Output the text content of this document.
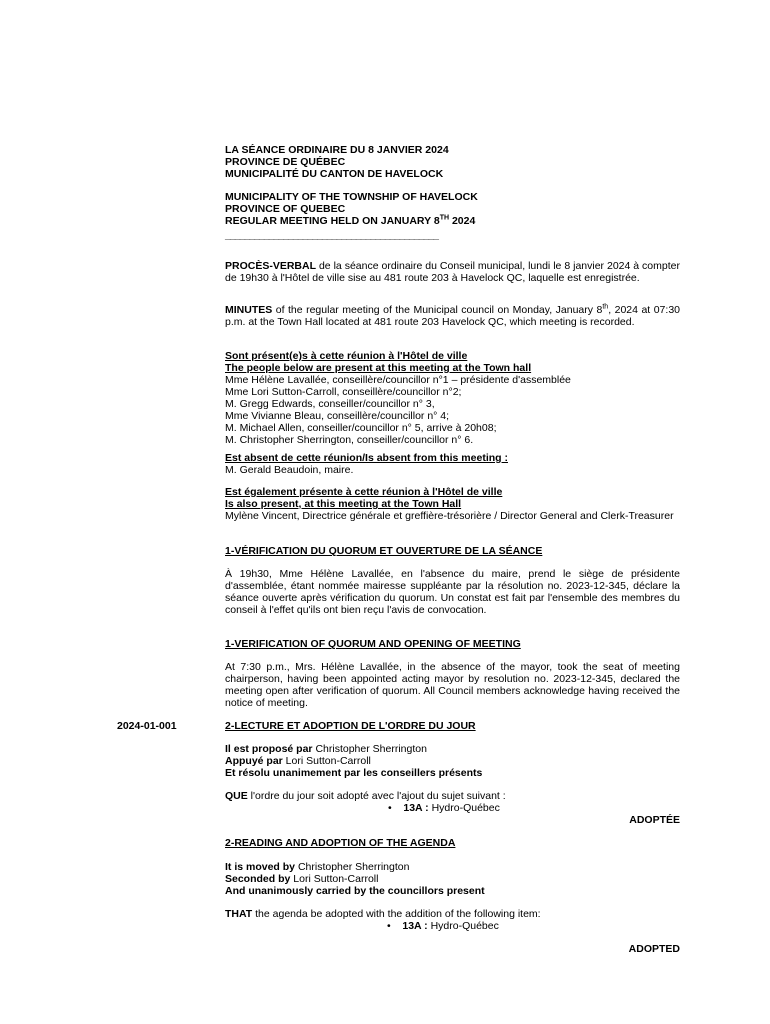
LA SÉANCE ORDINAIRE DU 8 JANVIER 2024
PROVINCE DE QUÉBEC
MUNICIPALITÉ DU CANTON DE HAVELOCK
MUNICIPALITY OF THE TOWNSHIP OF HAVELOCK
PROVINCE OF QUEBEC
REGULAR MEETING HELD ON JANUARY 8TH 2024
____________________________________________

PROCÈS-VERBAL de la séance ordinaire du Conseil municipal, lundi le 8 janvier 2024 à compter de 19h30 à l'Hôtel de ville sise au 481 route 203 à Havelock QC, laquelle est enregistrée.

MINUTES of the regular meeting of the Municipal council on Monday, January 8th, 2024 at 07:30 p.m. at the Town Hall located at 481 route 203 Havelock QC, which meeting is recorded.

Sont présent(e)s à cette réunion à l'Hôtel de ville
The people below are present at this meeting at the Town hall
Mme Hélène Lavallée, conseillère/councillor n°1 – présidente d'assemblée
Mme Lori Sutton-Carroll, conseillère/councillor n°2;
M. Gregg Edwards, conseiller/councillor n° 3,
Mme Vivianne Bleau, conseillère/councillor n° 4;
M. Michael Allen, conseiller/councillor n° 5, arrive à 20h08;
M. Christopher Sherrington, conseiller/councillor n° 6.
Est absent de cette réunion/Is absent from this meeting :
M. Gerald Beaudoin, maire.
Est également présente à cette réunion à l'Hôtel de ville
Is also present, at this meeting at the Town Hall
Mylène Vincent, Directrice générale et greffière-trésorière / Director General and Clerk-Treasurer
1-VÉRIFICATION DU QUORUM ET OUVERTURE DE LA SÉANCE

À 19h30, Mme Hélène Lavallée, en l'absence du maire, prend le siège de présidente d'assemblée, étant nommée mairesse suppléante par la résolution no. 2023-12-345, déclare la séance ouverte après vérification du quorum. Un constat est fait par l'ensemble des membres du conseil à l'effet qu'ils ont bien reçu l'avis de convocation.

1-VERIFICATION OF QUORUM AND OPENING OF MEETING

At 7:30 p.m., Mrs. Hélène Lavallée, in the absence of the mayor, took the seat of meeting chairperson, having been appointed acting mayor by resolution no. 2023-12-345, declared the meeting open after verification of quorum. All Council members acknowledge having received the notice of meeting.

2024-01-001	2-LECTURE ET ADOPTION DE L'ORDRE DU JOUR
Il est proposé par Christopher Sherrington
Appuyé par Lori Sutton-Carroll
Et résolu unanimement par les conseillers présents
QUE l'ordre du jour soit adopté avec l'ajout du sujet suivant :
• 13A : Hydro-Québec
ADOPTÉE
2-READING AND ADOPTION OF THE AGENDA
It is moved by Christopher Sherrington
Seconded by Lori Sutton-Carroll
And unanimously carried by the councillors present
THAT the agenda be adopted with the addition of the following item:
• 13A : Hydro-Québec
ADOPTED
